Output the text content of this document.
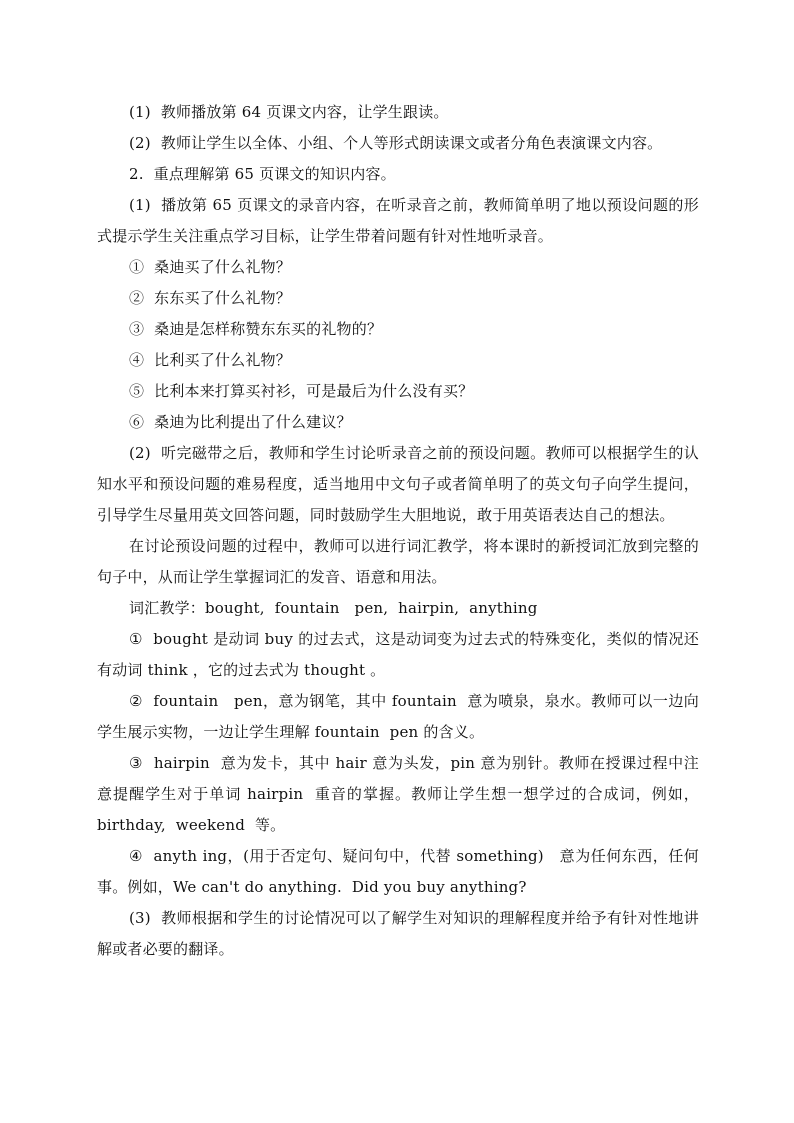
(1)  教师播放第 64 页课文内容，让学生跟读。

(2)  教师让学生以全体、小组、个人等形式朗读课文或者分角色表演课文内容。

2.  重点理解第 65 页课文的知识内容。

(1)  播放第 65 页课文的录音内容，在听录音之前，教师简单明了地以预设问题的形式提示学生关注重点学习目标，让学生带着问题有针对性地听录音。

①  桑迪买了什么礼物？

②  东东买了什么礼物？

③  桑迪是怎样称赞东东买的礼物的？

④  比利买了什么礼物？

⑤  比利本来打算买衬衫，可是最后为什么没有买？

⑥  桑迪为比利提出了什么建议？

(2)  听完磁带之后，教师和学生讨论听录音之前的预设问题。教师可以根据学生的认知水平和预设问题的难易程度，适当地用中文句子或者简单明了的英文句子向学生提问，引导学生尽量用英文回答问题，同时鼓励学生大胆地说，敢于用英语表达自己的想法。

在讨论预设问题的过程中，教师可以进行词汇教学，将本课时的新授词汇放到完整的句子中，从而让学生掌握词汇的发音、语意和用法。

词汇教学：bought,  fountain   pen,  hairpin,  anything

①  bought 是动词 buy 的过去式，这是动词变为过去式的特殊变化，类似的情况还有动词 think ，它的过去式为 thought 。

②  fountain   pen，意为钢笔，其中 fountain  意为喷泉，泉水。教师可以一边向学生展示实物，一边让学生理解 fountain  pen 的含义。

③  hairpin  意为发卡，其中 hair 意为头发，pin 意为别针。教师在授课过程中注意提醒学生对于单词 hairpin  重音的掌握。教师让学生想一想学过的合成词，例如，birthday,  weekend  等。

④  anyth ing，(用于否定句、疑问句中，代替 something)   意为任何东西，任何事。例如，We can't do anything.  Did you buy anything?

(3)  教师根据和学生的讨论情况可以了解学生对知识的理解程度并给予有针对性地讲解或者必要的翻译。
